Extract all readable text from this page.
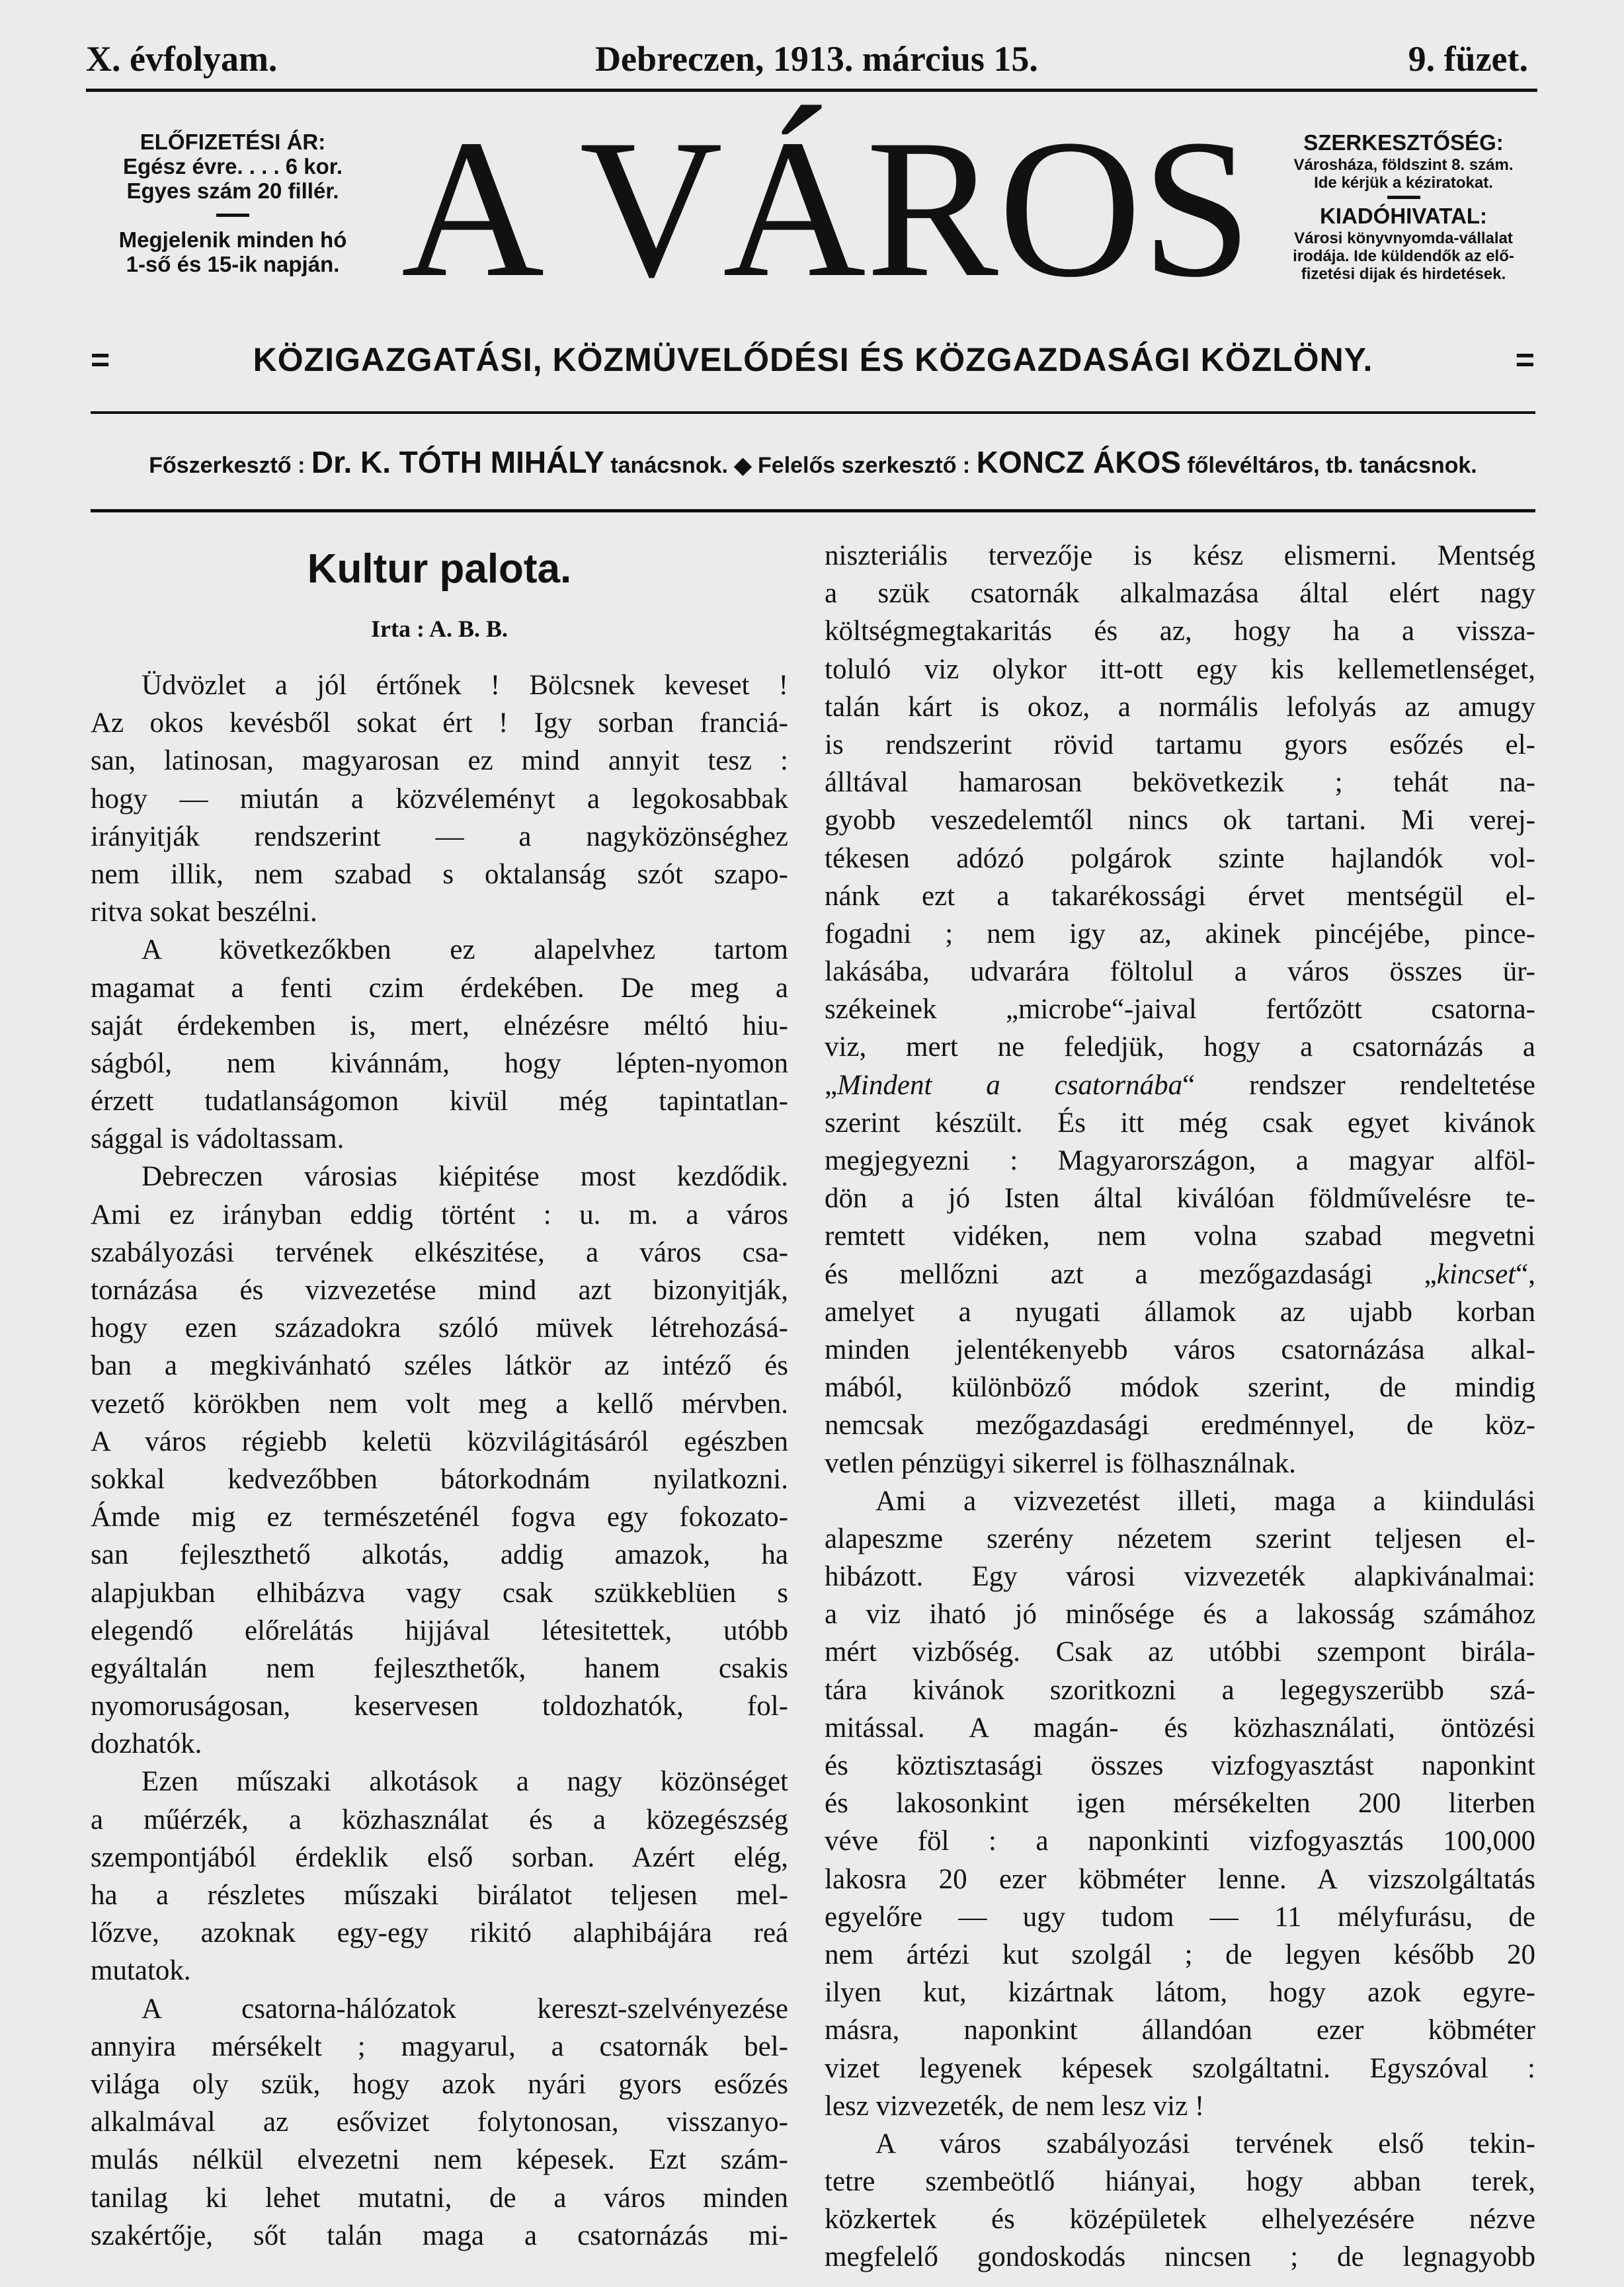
X. évfolyam.	Debreczen, 1913. március 15.	9. füzet.
ELŐFIZETÉSI ÁR:
Egész évre. . . . 6 kor.
Egyes szám 20 fillér.
Megjelenik minden hó
1-ső és 15-ik napján. A VÁROS	SZERKESZTŐSÉG:
Városháza, földszint 8. szám.
Ide kérjük a kéziratokat.
KIADÓHIVATAL:
Városi könyvnyomda-vállalat
irodája. Ide küldendők az elő-
fizetési dijak és hirdetések.
=	KÖZIGAZGATÁSI, KÖZMÜVELŐDÉSI ÉS KÖZGAZDASÁGI KÖZLÖNY.	=
Főszerkesztő : Dr. K. TÓTH MIHÁLY tanácsnok. ◆ Felelős szerkesztő : KONCZ ÁKOS főlevéltáros, tb. tanácsnok.
Kultur palota.
Irta : A. B. B.
Üdvözlet a jól értőnek ! Bölcsnek keveset !
Az okos kevésből sokat ért ! Igy sorban franciá-
san, latinosan, magyarosan ez mind annyit tesz :
hogy — miután a közvéleményt a legokosabbak
irányitják rendszerint — a nagyközönséghez
nem illik, nem szabad s oktalanság szót szapo-
ritva sokat beszélni.
A következőkben ez alapelvhez tartom
magamat a fenti czim érdekében. De meg a
saját érdekemben is, mert, elnézésre méltó hiu-
ságból, nem kivánnám, hogy lépten-nyomon
érzett tudatlanságomon kivül még tapintatlan-
sággal is vádoltassam.
Debreczen városias kiépitése most kezdődik.
Ami ez irányban eddig történt : u. m. a város
szabályozási tervének elkészitése, a város csa-
tornázása és vizvezetése mind azt bizonyitják,
hogy ezen századokra szóló müvek létrehozásá-
ban a megkivánható széles látkör az intéző és
vezető körökben nem volt meg a kellő mérvben.
A város régiebb keletü közvilágitásáról egészben
sokkal kedvezőbben bátorkodnám nyilatkozni.
Ámde mig ez természeténél fogva egy fokozato-
san fejleszthető alkotás, addig amazok, ha
alapjukban elhibázva vagy csak szükkeblüen s
elegendő előrelátás hijjával létesitettek, utóbb
egyáltalán nem fejleszthetők, hanem csakis
nyomoruságosan, keservesen toldozhatók, fol-
dozhatók.
Ezen műszaki alkotások a nagy közönséget
a műérzék, a közhasználat és a közegészség
szempontjából érdeklik első sorban. Azért elég,
ha a részletes műszaki birálatot teljesen mel-
lőzve, azoknak egy-egy rikitó alaphibájára reá
mutatok.
A csatorna-hálózatok kereszt-szelvényezése
annyira mérsékelt ; magyarul, a csatornák bel-
világa oly szük, hogy azok nyári gyors esőzés
alkalmával az esővizet folytonosan, visszanyo-
mulás nélkül elvezetni nem képesek. Ezt szám-
tanilag ki lehet mutatni, de a város minden
szakértője, sőt talán maga a csatornázás mi-
niszteriális tervezője is kész elismerni. Mentség
a szük csatornák alkalmazása által elért nagy
költségmegtakaritás és az, hogy ha a vissza-
toluló viz olykor itt-ott egy kis kellemetlenséget,
talán kárt is okoz, a normális lefolyás az amugy
is rendszerint rövid tartamu gyors esőzés el-
álltával hamarosan bekövetkezik ; tehát na-
gyobb veszedelemtől nincs ok tartani. Mi verej-
tékesen adózó polgárok szinte hajlandók vol-
nánk ezt a takarékossági érvet mentségül el-
fogadni ; nem igy az, akinek pincéjébe, pince-
lakásába, udvarára föltolul a város összes ür-
székeinek „microbe“-jaival fertőzött csatorna-
viz, mert ne feledjük, hogy a csatornázás a
„Mindent a csatornába“ rendszer rendeltetése
szerint készült. És itt még csak egyet kivánok
megjegyezni : Magyarországon, a magyar alföl-
dön a jó Isten által kiválóan földművelésre te-
remtett vidéken, nem volna szabad megvetni
és mellőzni azt a mezőgazdasági „kincset“,
amelyet a nyugati államok az ujabb korban
minden jelentékenyebb város csatornázása alkal-
mából, különböző módok szerint, de mindig
nemcsak mezőgazdasági eredménnyel, de köz-
vetlen pénzügyi sikerrel is fölhasználnak.
Ami a vizvezetést illeti, maga a kiindulási
alapeszme szerény nézetem szerint teljesen el-
hibázott. Egy városi vizvezeték alapkivánalmai:
a viz iható jó minősége és a lakosság számához
mért vizbőség. Csak az utóbbi szempont birála-
tára kivánok szoritkozni a legegyszerübb szá-
mitással. A magán- és közhasználati, öntözési
és köztisztasági összes vizfogyasztást naponkint
és lakosonkint igen mérsékelten 200 literben
véve föl : a naponkinti vizfogyasztás 100,000
lakosra 20 ezer köbméter lenne. A vizszolgáltatás
egyelőre — ugy tudom — 11 mélyfurásu, de
nem ártézi kut szolgál ; de legyen később 20
ilyen kut, kizártnak látom, hogy azok egyre-
másra, naponkint állandóan ezer köbméter
vizet legyenek képesek szolgáltatni. Egyszóval :
lesz vizvezeték, de nem lesz viz !
A város szabályozási tervének első tekin-
tetre szembeötlő hiányai, hogy abban terek,
közkertek és középületek elhelyezésére nézve
megfelelő gondoskodás nincsen ; de legnagyobb
